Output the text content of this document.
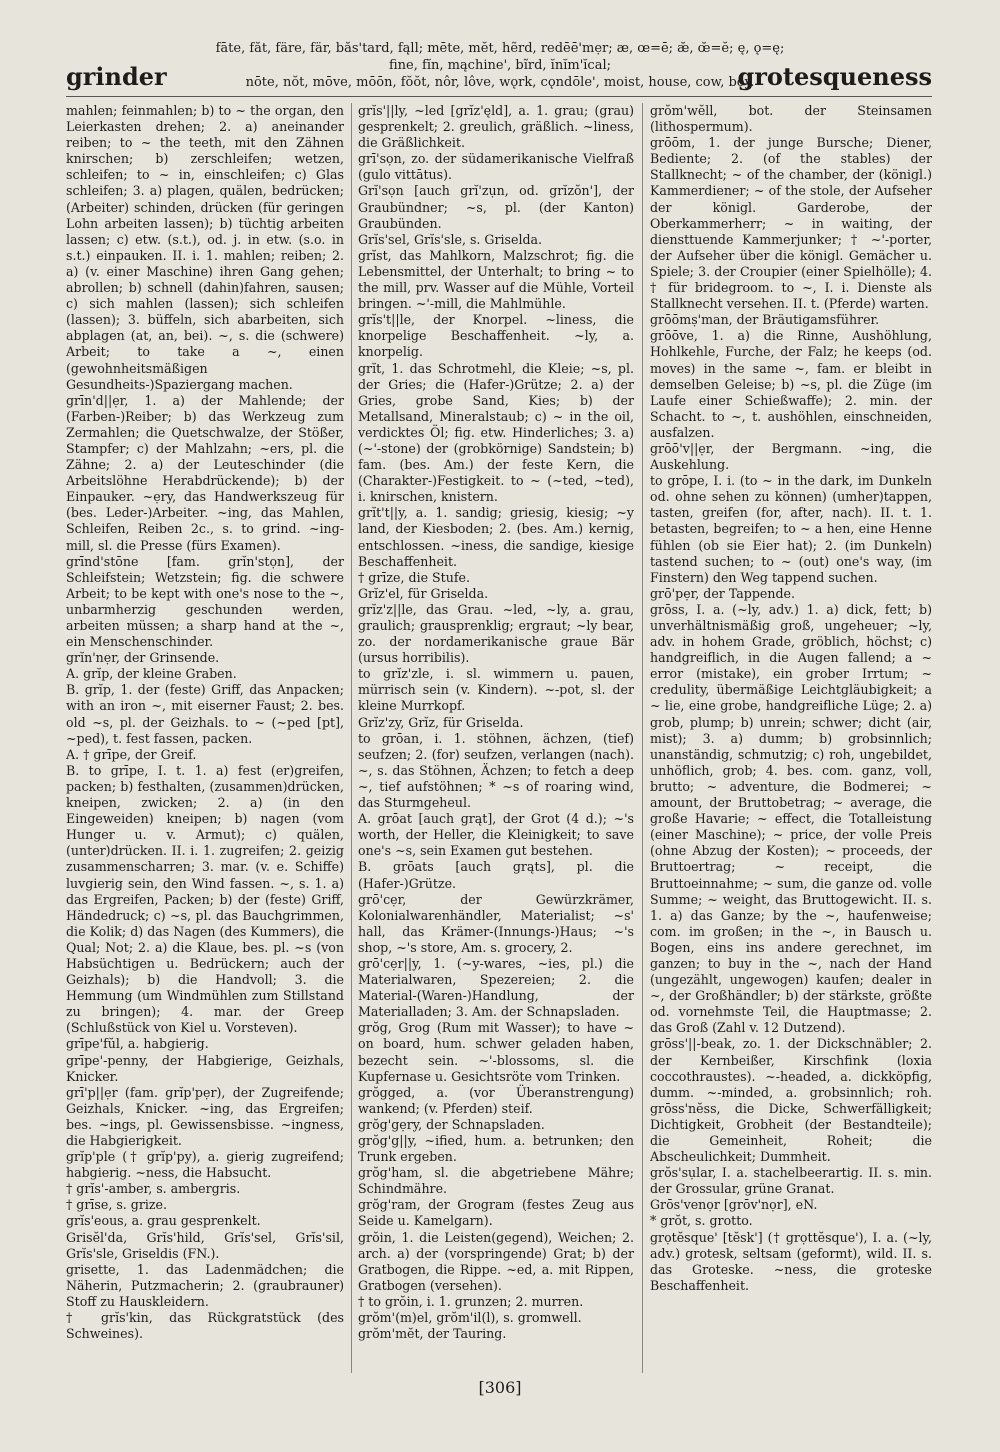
grinder
fāte, făt, färe, fär, băs'tard, fąll; mēte, mĕt, hẽrd, redēē'mẹr; æ, œ=ē; æ̆, œ̆=ĕ; ę, ǫ=ę;
fine, fĭn, mąchine', bĩrd, ĭnĭm'ĭcal;
nōte, nŏt, mōve, mōōn, fŏŏt, nôr, lôve, wǫrk, cǫndōle', moist, house, cow, boy.
grotesqueness

mahlen; feinmahlen; b) to ~ the organ, den Leierkasten drehen; 2. a) aneinander reiben; to ~ the teeth, mit den Zähnen knirschen; b) zerschleifen; wetzen, schleifen; to ~ in, einschleifen; c) Glas schleifen; 3. a) plagen, quälen, bedrücken; (Arbeiter) schinden, drücken (für geringen Lohn arbeiten lassen); b) tüchtig arbeiten lassen; c) etw. (s.t.), od. j. in etw. (s.o. in s.t.) einpauken. II. i. 1. mahlen; reiben; 2. a) (v. einer Maschine) ihren Gang gehen; abrollen; b) schnell (dahin)fahren, sausen; c) sich mahlen (lassen); sich schleifen (lassen); 3. büffeln, sich abarbeiten, sich abplagen (at, an, bei). ~, s. die (schwere) Arbeit; to take a ~, einen (gewohnheitsmäßigen Gesundheits-)Spaziergang machen.

grīn'd||ẹr, 1. a) der Mahlende; der (Farben-)Reiber; b) das Werkzeug zum Zermahlen; die Quetschwalze, der Stößer, Stampfer; c) der Mahlzahn; ~ers, pl. die Zähne; 2. a) der Leuteschinder (die Arbeitslöhne Herabdrückende); b) der Einpauker. ~ẹry, das Handwerkszeug für (bes. Leder-)Arbeiter. ~ing, das Mahlen, Schleifen, Reiben 2c., s. to grind. ~ing-mill, sl. die Presse (fürs Examen).

grīnd'stōne [fam. grĭn'stọn], der Schleifstein; Wetzstein; fig. die schwere Arbeit; to be kept with one's nose to the ~, unbarmherzig geschunden werden, arbeiten müssen; a sharp hand at the ~, ein Menschenschinder.

grĭn'nẹr, der Grinsende.

A. grĭp, der kleine Graben.

B. grĭp, 1. der (feste) Griff, das Anpacken; with an iron ~, mit eiserner Faust; 2. bes. old ~s, pl. der Geizhals. to ~ (~ped [pt], ~ped), t. fest fassen, packen.

A. † grīpe, der Greif.

B. to grīpe, I. t. 1. a) fest (er)greifen, packen; b) festhalten, (zusammen)drücken, kneipen, zwicken; 2. a) (in den Eingeweiden) kneipen; b) nagen (vom Hunger u. v. Armut); c) quälen, (unter)drücken. II. i. 1. zugreifen; 2. geizig zusammenscharren; 3. mar. (v. e. Schiffe) luvgierig sein, den Wind fassen. ~, s. 1. a) das Ergreifen, Packen; b) der (feste) Griff, Händedruck; c) ~s, pl. das Bauchgrimmen, die Kolik; d) das Nagen (des Kummers), die Qual; Not; 2. a) die Klaue, bes. pl. ~s (von Habsüchtigen u. Bedrückern; auch der Geizhals); b) die Handvoll; 3. die Hemmung (um Windmühlen zum Stillstand zu bringen); 4. mar. der Greep (Schlußstück von Kiel u. Vorsteven).

grīpe'fŭl, a. habgierig.

grīpe'-penny, der Habgierige, Geizhals, Knicker.

grī'p||ẹr (fam. grĭp'pẹr), der Zugreifende; Geizhals, Knicker. ~ing, das Ergreifen; bes. ~ings, pl. Gewissensbisse. ~ingness, die Habgierigkeit.

grĭp'ple († grĭp'py), a. gierig zugreifend; habgierig. ~ness, die Habsucht.

† grĭs'-amber, s. ambergris.

† grīse, s. grize.

grĭs'eous, a. grau gesprenkelt.

Grisĕl'da, Grĭs'hild, Grĭs'sel, Grĭs'sil, Grĭs'sle, Griseldis (FN.).

grisette, 1. das Ladenmädchen; die Näherin, Putzmacherin; 2. (graubrauner) Stoff zu Hauskleidern.

† grĭs'kin, das Rückgratstück (des Schweines).

grĭs'||ly, ~led [grĭz'ęld], a. 1. grau; (grau) gesprenkelt; 2. greulich, gräßlich. ~liness, die Gräßlichkeit.

grī'sọn, zo. der südamerikanische Vielfraß (gulo vittātus).

Grĭ'sọn [auch grĭ'zụn, od. grĭzŏn'], der Graubündner; ~s, pl. (der Kanton) Graubünden.

Grĭs'sel, Grĭs'sle, s. Griselda.

grĭst, das Mahlkorn, Malzschrot; fig. die Lebensmittel, der Unterhalt; to bring ~ to the mill, prv. Wasser auf die Mühle, Vorteil bringen. ~'-mill, die Mahlmühle.

grĭs't||le, der Knorpel. ~liness, die knorpelige Beschaffenheit. ~ly, a. knorpelig.

grĭt, 1. das Schrotmehl, die Kleie; ~s, pl. der Gries; die (Hafer-)Grütze; 2. a) der Gries, grobe Sand, Kies; b) der Metallsand, Mineralstaub; c) ~ in the oil, verdicktes Öl; fig. etw. Hinderliches; 3. a) (~'-stone) der (grobkörnige) Sandstein; b) fam. (bes. Am.) der feste Kern, die (Charakter-)Festigkeit. to ~ (~ted, ~ted), i. knirschen, knistern.

grĭt't||y, a. 1. sandig; griesig, kiesig; ~y land, der Kiesboden; 2. (bes. Am.) kernig, entschlossen. ~iness, die sandige, kiesige Beschaffenheit.

† grīze, die Stufe.

Grĭz'el, für Griselda.

grĭz'z||le, das Grau. ~led, ~ly, a. grau, graulich; grausprenklig; ergraut; ~ly bear, zo. der nordamerikanische graue Bär (ursus horribilis).

to grĭz'zle, i. sl. wimmern u. pauen, mürrisch sein (v. Kindern). ~-pot, sl. der kleine Murrkopf.

Grĭz'zy, Grĭz, für Griselda.

to grōan, i. 1. stöhnen, ächzen, (tief) seufzen; 2. (for) seufzen, verlangen (nach). ~, s. das Stöhnen, Ächzen; to fetch a deep ~, tief aufstöhnen; * ~s of roaring wind, das Sturmgeheul.

A. grōat [auch grąt], der Grot (4 d.); ~'s worth, der Heller, die Kleinigkeit; to save one's ~s, sein Examen gut bestehen.

B. grōats [auch grąts], pl. die (Hafer-)Grütze.

grō'cẹr, der Gewürzkrämer, Kolonialwarenhändler, Materialist; ~s' hall, das Krämer-(Innungs-)Haus; ~'s shop, ~'s store, Am. s. grocery, 2.

grō'cẹr||y, 1. (~y-wares, ~ies, pl.) die Materialwaren, Spezereien; 2. die Material-(Waren-)Handlung, der Materialladen; 3. Am. der Schnapsladen.

grŏg, Grog (Rum mit Wasser); to have ~ on board, hum. schwer geladen haben, bezecht sein. ~'-blossoms, sl. die Kupfernase u. Gesichtsröte vom Trinken.

grŏgged, a. (vor Überanstrengung) wankend; (v. Pferden) steif.

grŏg'gẹry, der Schnapsladen.

grŏg'g||y, ~ified, hum. a. betrunken; den Trunk ergeben.

grŏg'ham, sl. die abgetriebene Mähre; Schindmähre.

grŏg'ram, der Grogram (festes Zeug aus Seide u. Kamelgarn).

grŏin, 1. die Leisten(gegend), Weichen; 2. arch. a) der (vorspringende) Grat; b) der Gratbogen, die Rippe. ~ed, a. mit Rippen, Gratbogen (versehen).

† to grŏin, i. 1. grunzen; 2. murren.

grŏm'(m)el, grŏm'il(l), s. gromwell.

grŏm'mĕt, der Tauring.

grŏm'wĕll, bot. der Steinsamen (lithospermum).

grōōm, 1. der junge Bursche; Diener, Bediente; 2. (of the stables) der Stallknecht; ~ of the chamber, der (königl.) Kammerdiener; ~ of the stole, der Aufseher der königl. Garderobe, der Oberkammerherr; ~ in waiting, der diensttuende Kammerjunker; † ~'-porter, der Aufseher über die königl. Gemächer u. Spiele; 3. der Croupier (einer Spielhölle); 4. † für bridegroom. to ~, I. i. Dienste als Stallknecht versehen. II. t. (Pferde) warten.

grōōmṣ'man, der Bräutigamsführer.

grōōve, 1. a) die Rinne, Aushöhlung, Hohlkehle, Furche, der Falz; he keeps (od. moves) in the same ~, fam. er bleibt in demselben Geleise; b) ~s, pl. die Züge (im Laufe einer Schießwaffe); 2. min. der Schacht. to ~, t. aushöhlen, einschneiden, ausfalzen.

grōō'v||ẹr, der Bergmann. ~ing, die Auskehlung.

to grōpe, I. i. (to ~ in the dark, im Dunkeln od. ohne sehen zu können) (umher)tappen, tasten, greifen (for, after, nach). II. t. 1. betasten, begreifen; to ~ a hen, eine Henne fühlen (ob sie Eier hat); 2. (im Dunkeln) tastend suchen; to ~ (out) one's way, (im Finstern) den Weg tappend suchen.

grō'pẹr, der Tappende.

grōss, I. a. (~ly, adv.) 1. a) dick, fett; b) unverhältnismäßig groß, ungeheuer; ~ly, adv. in hohem Grade, gröblich, höchst; c) handgreiflich, in die Augen fallend; a ~ error (mistake), ein grober Irrtum; ~ credulity, übermäßige Leichtgläubigkeit; a ~ lie, eine grobe, handgreifliche Lüge; 2. a) grob, plump; b) unrein; schwer; dicht (air, mist); 3. a) dumm; b) grobsinnlich; unanständig, schmutzig; c) roh, ungebildet, unhöflich, grob; 4. bes. com. ganz, voll, brutto; ~ adventure, die Bodmerei; ~ amount, der Bruttobetrag; ~ average, die große Havarie; ~ effect, die Totalleistung (einer Maschine); ~ price, der volle Preis (ohne Abzug der Kosten); ~ proceeds, der Bruttoertrag; ~ receipt, die Bruttoeinnahme; ~ sum, die ganze od. volle Summe; ~ weight, das Bruttogewicht. II. s. 1. a) das Ganze; by the ~, haufenweise; com. im großen; in the ~, in Bausch u. Bogen, eins ins andere gerechnet, im ganzen; to buy in the ~, nach der Hand (ungezählt, ungewogen) kaufen; dealer in ~, der Großhändler; b) der stärkste, größte od. vornehmste Teil, die Hauptmasse; 2. das Groß (Zahl v. 12 Dutzend).

grōss'||-beak, zo. 1. der Dickschnäbler; 2. der Kernbeißer, Kirschfink (loxia coccothraustes). ~-headed, a. dickköpfig, dumm. ~-minded, a. grobsinnlich; roh. grōss'nĕss, die Dicke, Schwerfälligkeit; Dichtigkeit, Grobheit (der Bestandteile); die Gemeinheit, Roheit; die Abscheulichkeit; Dummheit.

grŏs'sụlar, I. a. stachelbeerartig. II. s. min. der Grossular, grüne Granat.

Grōs'venọr [grōv'nọr], eN.

* grŏt, s. grotto.

grọtĕsque' [tĕsk'] († grọttĕsque'), I. a. (~ly, adv.) grotesk, seltsam (geformt), wild. II. s. das Groteske. ~ness, die groteske Beschaffenheit.

[306]
